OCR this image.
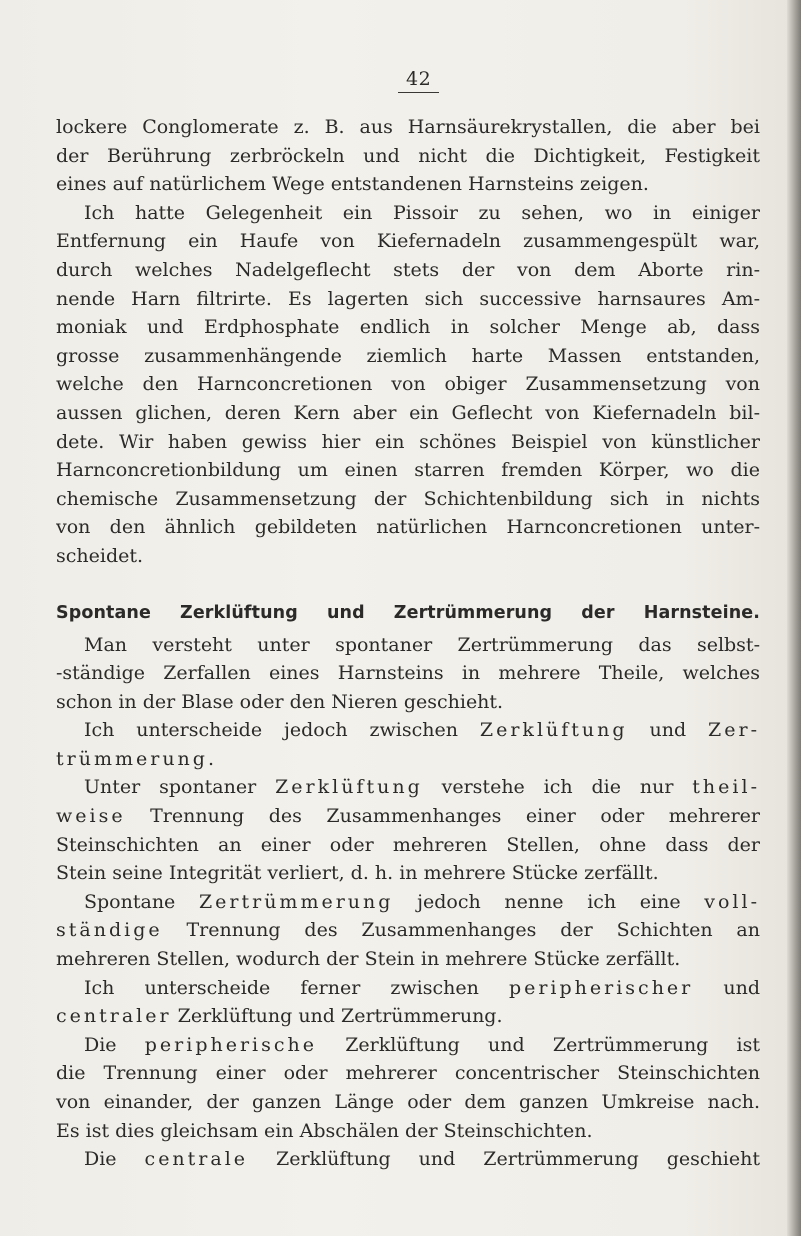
42
lockere Conglomerate z. B. aus Harnsäurekrystallen, die aber bei
der Berührung zerbröckeln und nicht die Dichtigkeit, Festigkeit
eines auf natürlichem Wege entstandenen Harnsteins zeigen.
Ich hatte Gelegenheit ein Pissoir zu sehen, wo in einiger
Entfernung ein Haufe von Kiefernadeln zusammengespült war,
durch welches Nadelgeflecht stets der von dem Aborte rin-
nende Harn filtrirte. Es lagerten sich successive harnsaures Am-
moniak und Erdphosphate endlich in solcher Menge ab, dass
grosse zusammenhängende ziemlich harte Massen entstanden,
welche den Harnconcretionen von obiger Zusammensetzung von
aussen glichen, deren Kern aber ein Geflecht von Kiefernadeln bil-
dete. Wir haben gewiss hier ein schönes Beispiel von künstlicher
Harnconcretionbildung um einen starren fremden Körper, wo die
chemische Zusammensetzung der Schichtenbildung sich in nichts
von den ähnlich gebildeten natürlichen Harnconcretionen unter-
scheidet.
Spontane Zerklüftung und Zertrümmerung der Harnsteine.
Man versteht unter spontaner Zertrümmerung das selbst-
-ständige Zerfallen eines Harnsteins in mehrere Theile, welches
schon in der Blase oder den Nieren geschieht.
Ich unterscheide jedoch zwischen Zerklüftung und Zer-
trümmerung.
Unter spontaner Zerklüftung verstehe ich die nur theil-
weise Trennung des Zusammenhanges einer oder mehrerer
Steinschichten an einer oder mehreren Stellen, ohne dass der
Stein seine Integrität verliert, d. h. in mehrere Stücke zerfällt.
Spontane Zertrümmerung jedoch nenne ich eine voll-
ständige Trennung des Zusammenhanges der Schichten an
mehreren Stellen, wodurch der Stein in mehrere Stücke zerfällt.
Ich unterscheide ferner zwischen peripherischer und
centraler Zerklüftung und Zertrümmerung.
Die peripherische Zerklüftung und Zertrümmerung ist
die Trennung einer oder mehrerer concentrischer Steinschichten
von einander, der ganzen Länge oder dem ganzen Umkreise nach.
Es ist dies gleichsam ein Abschälen der Steinschichten.
Die centrale Zerklüftung und Zertrümmerung geschieht
